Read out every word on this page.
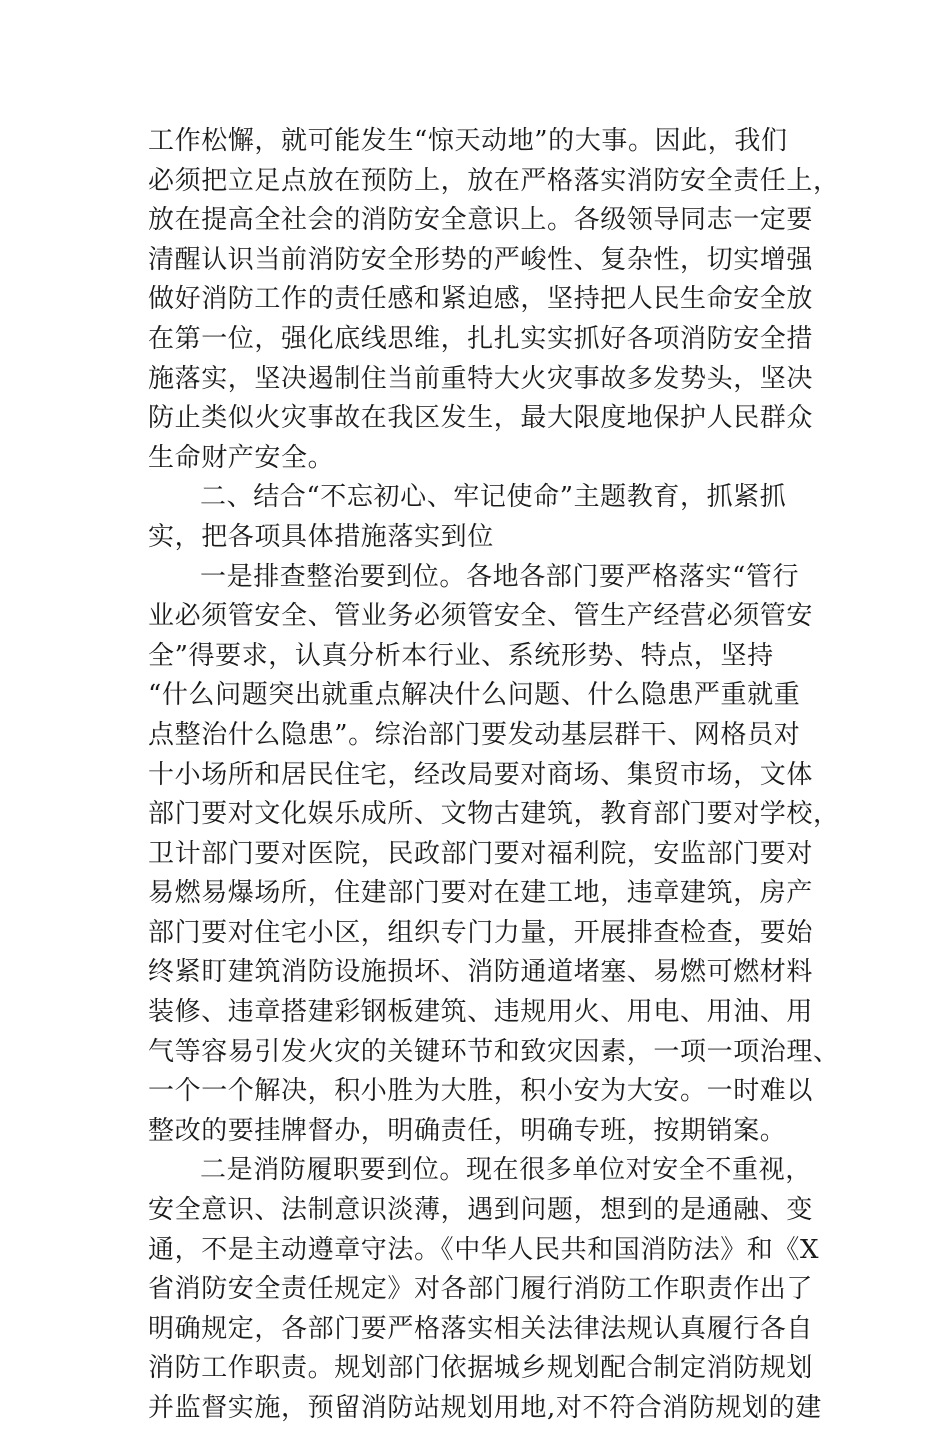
工作松懈，就可能发生“惊天动地”的大事。因此，我们
必须把立足点放在预防上，放在严格落实消防安全责任上，
放在提高全社会的消防安全意识上。各级领导同志一定要
清醒认识当前消防安全形势的严峻性、复杂性，切实增强
做好消防工作的责任感和紧迫感，坚持把人民生命安全放
在第一位，强化底线思维，扎扎实实抓好各项消防安全措
施落实，坚决遏制住当前重特大火灾事故多发势头，坚决
防止类似火灾事故在我区发生，最大限度地保护人民群众
生命财产安全。
二、结合“不忘初心、牢记使命”主题教育，抓紧抓
实，把各项具体措施落实到位
一是排查整治要到位。各地各部门要严格落实“管行
业必须管安全、管业务必须管安全、管生产经营必须管安
全”得要求，认真分析本行业、系统形势、特点，坚持
“什么问题突出就重点解决什么问题、什么隐患严重就重
点整治什么隐患”。综治部门要发动基层群干、网格员对
十小场所和居民住宅，经改局要对商场、集贸市场，文体
部门要对文化娱乐成所、文物古建筑，教育部门要对学校，
卫计部门要对医院，民政部门要对福利院，安监部门要对
易燃易爆场所，住建部门要对在建工地，违章建筑，房产
部门要对住宅小区，组织专门力量，开展排查检查，要始
终紧盯建筑消防设施损坏、消防通道堵塞、易燃可燃材料
装修、违章搭建彩钢板建筑、违规用火、用电、用油、用
气等容易引发火灾的关键环节和致灾因素，一项一项治理、
一个一个解决，积小胜为大胜，积小安为大安。一时难以
整改的要挂牌督办，明确责任，明确专班，按期销案。
二是消防履职要到位。现在很多单位对安全不重视，
安全意识、法制意识淡薄，遇到问题，想到的是通融、变
通，不是主动遵章守法。《中华人民共和国消防法》和《X
省消防安全责任规定》对各部门履行消防工作职责作出了
明确规定，各部门要严格落实相关法律法规认真履行各自
消防工作职责。规划部门依据城乡规划配合制定消防规划
并监督实施，预留消防站规划用地,对不符合消防规划的建
